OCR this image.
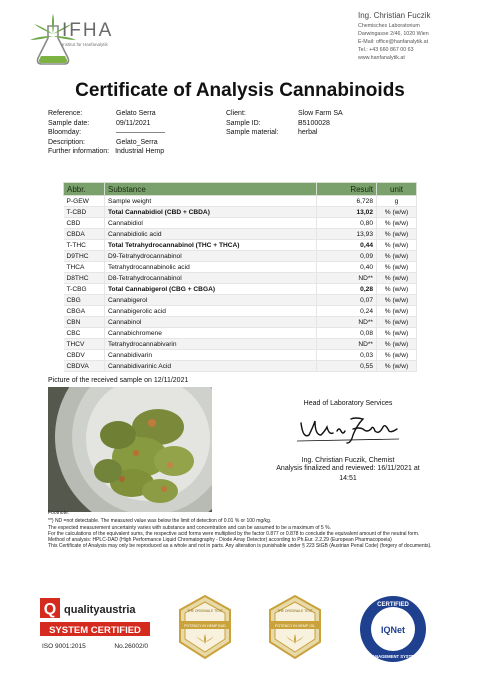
IFHA
Institut für Hanfanalytik
Ing. Christian Fuczik
Chemisches Laboratorium
Darwingasse 2/46, 1020 Wien
E-Mail: office@hanfanalytik.at
Tel.: +43 660 867 00 63
www.hanfanalytik.at
Certificate of Analysis Cannabinoids
Reference:	Gelato Serra
Sample date:	09/11/2021
Bloomday:	———————
Description:	Gelato_Serra
Further information: Industrial Hemp
Client:	Slow Farm SA
Sample ID:	B5100028
Sample material:	herbal
Abbr.	Substance	Result	unit
P-GEW	Sample weight	6,728	g
T-CBD	Total Cannabidiol (CBD + CBDA)	13,02	% (w/w)
CBD	Cannabidiol	0,80	% (w/w)
CBDA	Cannabidiolic acid	13,93	% (w/w)
T-THC	Total Tetrahydrocannabinol (THC + THCA)	0,44	% (w/w)
D9THC	D9-Tetrahydrocannabinol	0,09	% (w/w)
THCA	Tetrahydrocannabinolic acid	0,40	% (w/w)
D8THC	D8-Tetrahydrocannabinol	ND**	% (w/w)
T-CBG	Total Cannabigerol (CBG + CBGA)	0,28	% (w/w)
CBG	Cannabigerol	0,07	% (w/w)
CBGA	Cannabigerolic acid	0,24	% (w/w)
CBN	Cannabinol	ND**	% (w/w)
CBC	Cannabichromene	0,08	% (w/w)
THCV	Tetrahydrocannabivarin	ND**	% (w/w)
CBDV	Cannabidivarin	0,03	% (w/w)
CBDVA	Cannabidivarinic Acid	0,55	% (w/w)
Picture of the received sample on 12/11/2021
Head of Laboratory Services
Ing. Christian Fuczik, Chemist
Analysis finalized and reviewed: 16/11/2021 at
14:51
Footnote:
**) ND =not detectable. The measured value was below the limit of detection of 0.01 % or 100 mg/kg.
The expected measurement uncertainty varies with substance and concentration and can be assumed to be a maximum of 5 %.
For the calculations of the equivalent sums, the respective acid forms were multiplied by the factor 0.877 or 0.878 to conclude the equivalent amount of the neutral form.
Method of analysis: HPLC-DAD (High Performance Liquid Chromatography - Diode Array Detector) according to Ph.Eur. 2.2.29 (European Pharmacopoeia)
This Certificate of Analysis may only be reproduced as a whole and not in parts. Any alteration is punishable under § 223 StGB (Austrian Penal Code) (forgery of documents).
Q qualityaustria
SYSTEM CERTIFIED
ISO 9001:2015	No.26002/0
THE ORIGINALE TEST
POTENCY IN HEMP BUD
THE ORIGINALE TEST
POTENCY IN HEMP OIL
CERTIFIED
IQNet
MANAGEMENT SYSTEM
